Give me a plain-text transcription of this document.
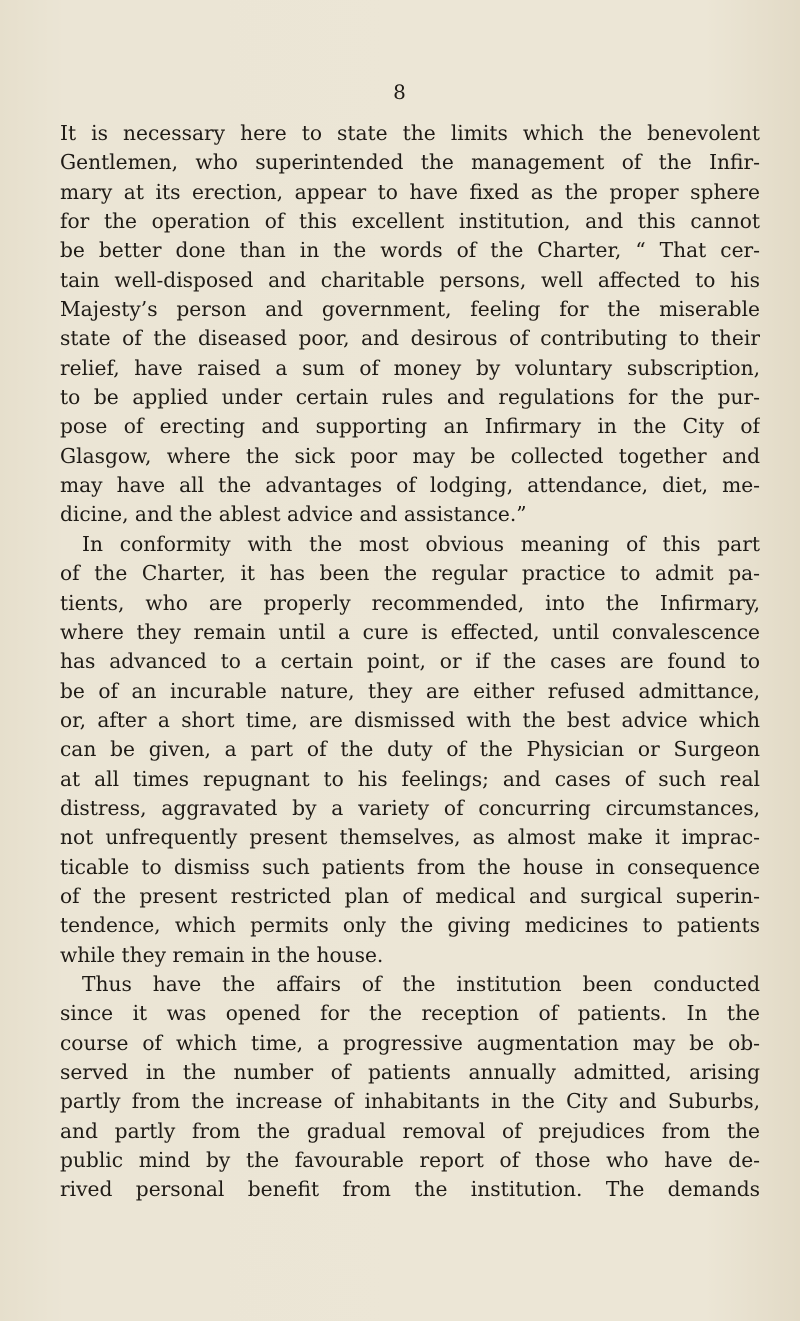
8
It is necessary here to state the limits which the benevolent
Gentlemen, who superintended the management of the Infir-
mary at its erection, appear to have fixed as the proper sphere
for the operation of this excellent institution, and this cannot
be better done than in the words of the Charter, “ That cer-
tain well-disposed and charitable persons, well affected to his
Majesty’s person and government, feeling for the miserable
state of the diseased poor, and desirous of contributing to their
relief, have raised a sum of money by voluntary subscription,
to be applied under certain rules and regulations for the pur-
pose of erecting and supporting an Infirmary in the City of
Glasgow, where the sick poor may be collected together and
may have all the advantages of lodging, attendance, diet, me-
dicine, and the ablest advice and assistance.”
In conformity with the most obvious meaning of this part
of the Charter, it has been the regular practice to admit pa-
tients, who are properly recommended, into the Infirmary,
where they remain until a cure is effected, until convalescence
has advanced to a certain point, or if the cases are found to
be of an incurable nature, they are either refused admittance,
or, after a short time, are dismissed with the best advice which
can be given, a part of the duty of the Physician or Surgeon
at all times repugnant to his feelings; and cases of such real
distress, aggravated by a variety of concurring circumstances,
not unfrequently present themselves, as almost make it imprac-
ticable to dismiss such patients from the house in consequence
of the present restricted plan of medical and surgical superin-
tendence, which permits only the giving medicines to patients
while they remain in the house.
Thus have the affairs of the institution been conducted
since it was opened for the reception of patients. In the
course of which time, a progressive augmentation may be ob-
served in the number of patients annually admitted, arising
partly from the increase of inhabitants in the City and Suburbs,
and partly from the gradual removal of prejudices from the
public mind by the favourable report of those who have de-
rived personal benefit from the institution. The demands
